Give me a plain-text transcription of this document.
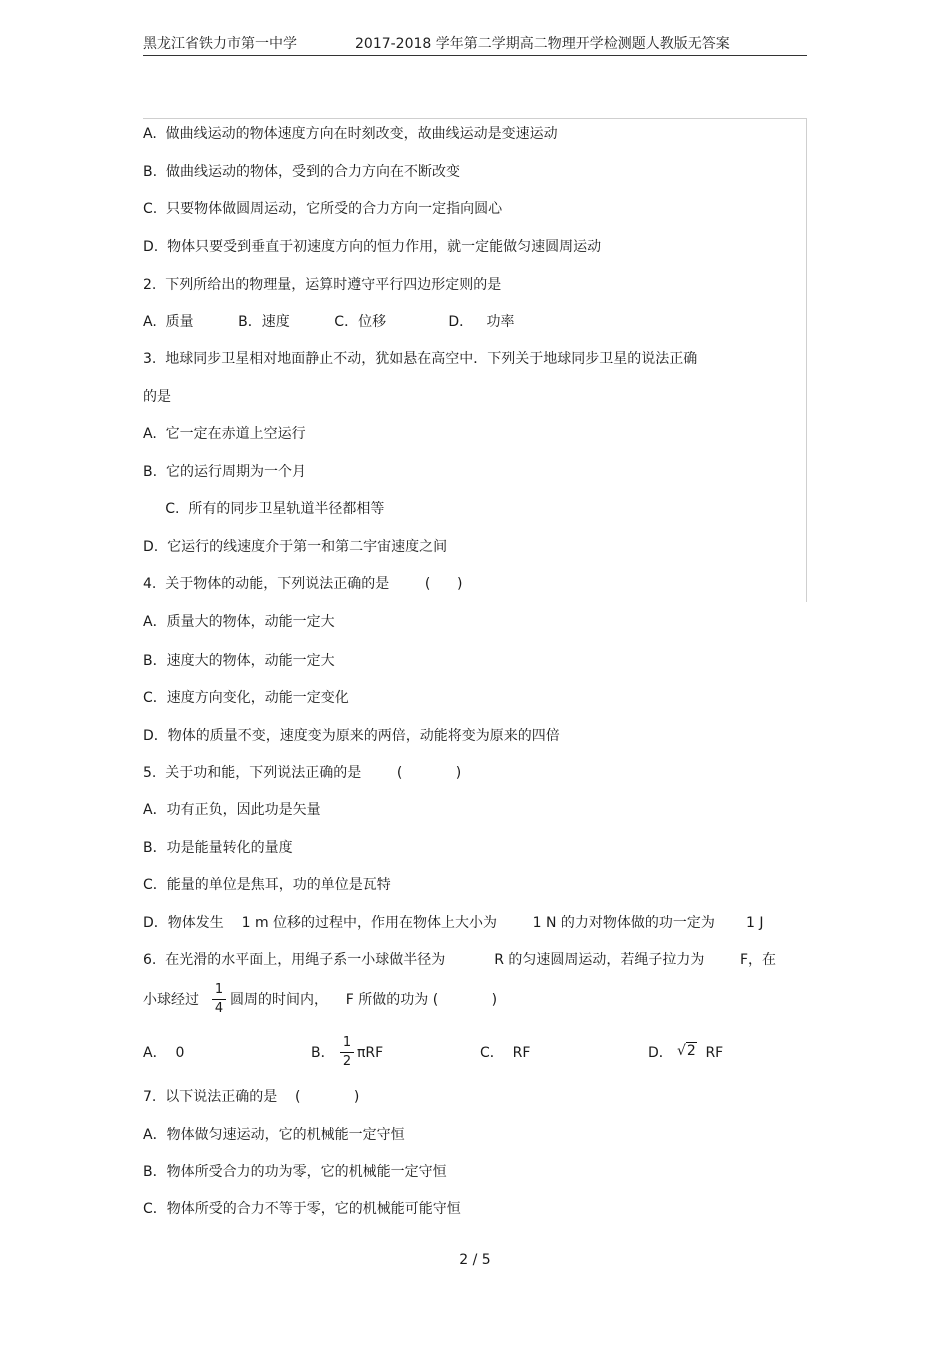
黑龙江省铁力市第一中学	2017-2018 学年第二学期高二物理开学检测题人教版无答案
A.  做曲线运动的物体速度方向在时刻改变，故曲线运动是变速运动
B.  做曲线运动的物体，受到的合力方向在不断改变
C.  只要物体做圆周运动，它所受的合力方向一定指向圆心
D.  物体只要受到垂直于初速度方向的恒力作用，就一定能做匀速圆周运动
2.  下列所给出的物理量，运算时遵守平行四边形定则的是
A.  质量          B．速度          C．位移              D．   功率
3.  地球同步卫星相对地面静止不动，犹如悬在高空中．下列关于地球同步卫星的说法正确
的是
A.  它一定在赤道上空运行
B.  它的运行周期为一个月
C.  所有的同步卫星轨道半径都相等
D.  它运行的线速度介于第一和第二宇宙速度之间
4.  关于物体的动能，下列说法正确的是        (      )
A．质量大的物体，动能一定大
B．速度大的物体，动能一定大
C．速度方向变化，动能一定变化
D．物体的质量不变，速度变为原来的两倍，动能将变为原来的四倍
5.  关于功和能，下列说法正确的是        (            )
A．功有正负，因此功是矢量
B．功是能量转化的量度
C．能量的单位是焦耳，功的单位是瓦特
D．物体发生    1 m 位移的过程中，作用在物体上大小为        1 N 的力对物体做的功一定为       1 J
6.  在光滑的水平面上，用绳子系一小球做半径为           R 的匀速圆周运动，若绳子拉力为        F，在
小球经过
1
4
圆周的时间内，    F 所做的功为 (            )
A．  0	B．
1
2
πRF	C．  RF	D． √2 RF
7.  以下说法正确的是    (            )
A．物体做匀速运动，它的机械能一定守恒
B．物体所受合力的功为零，它的机械能一定守恒
C．物体所受的合力不等于零，它的机械能可能守恒
2 / 5
